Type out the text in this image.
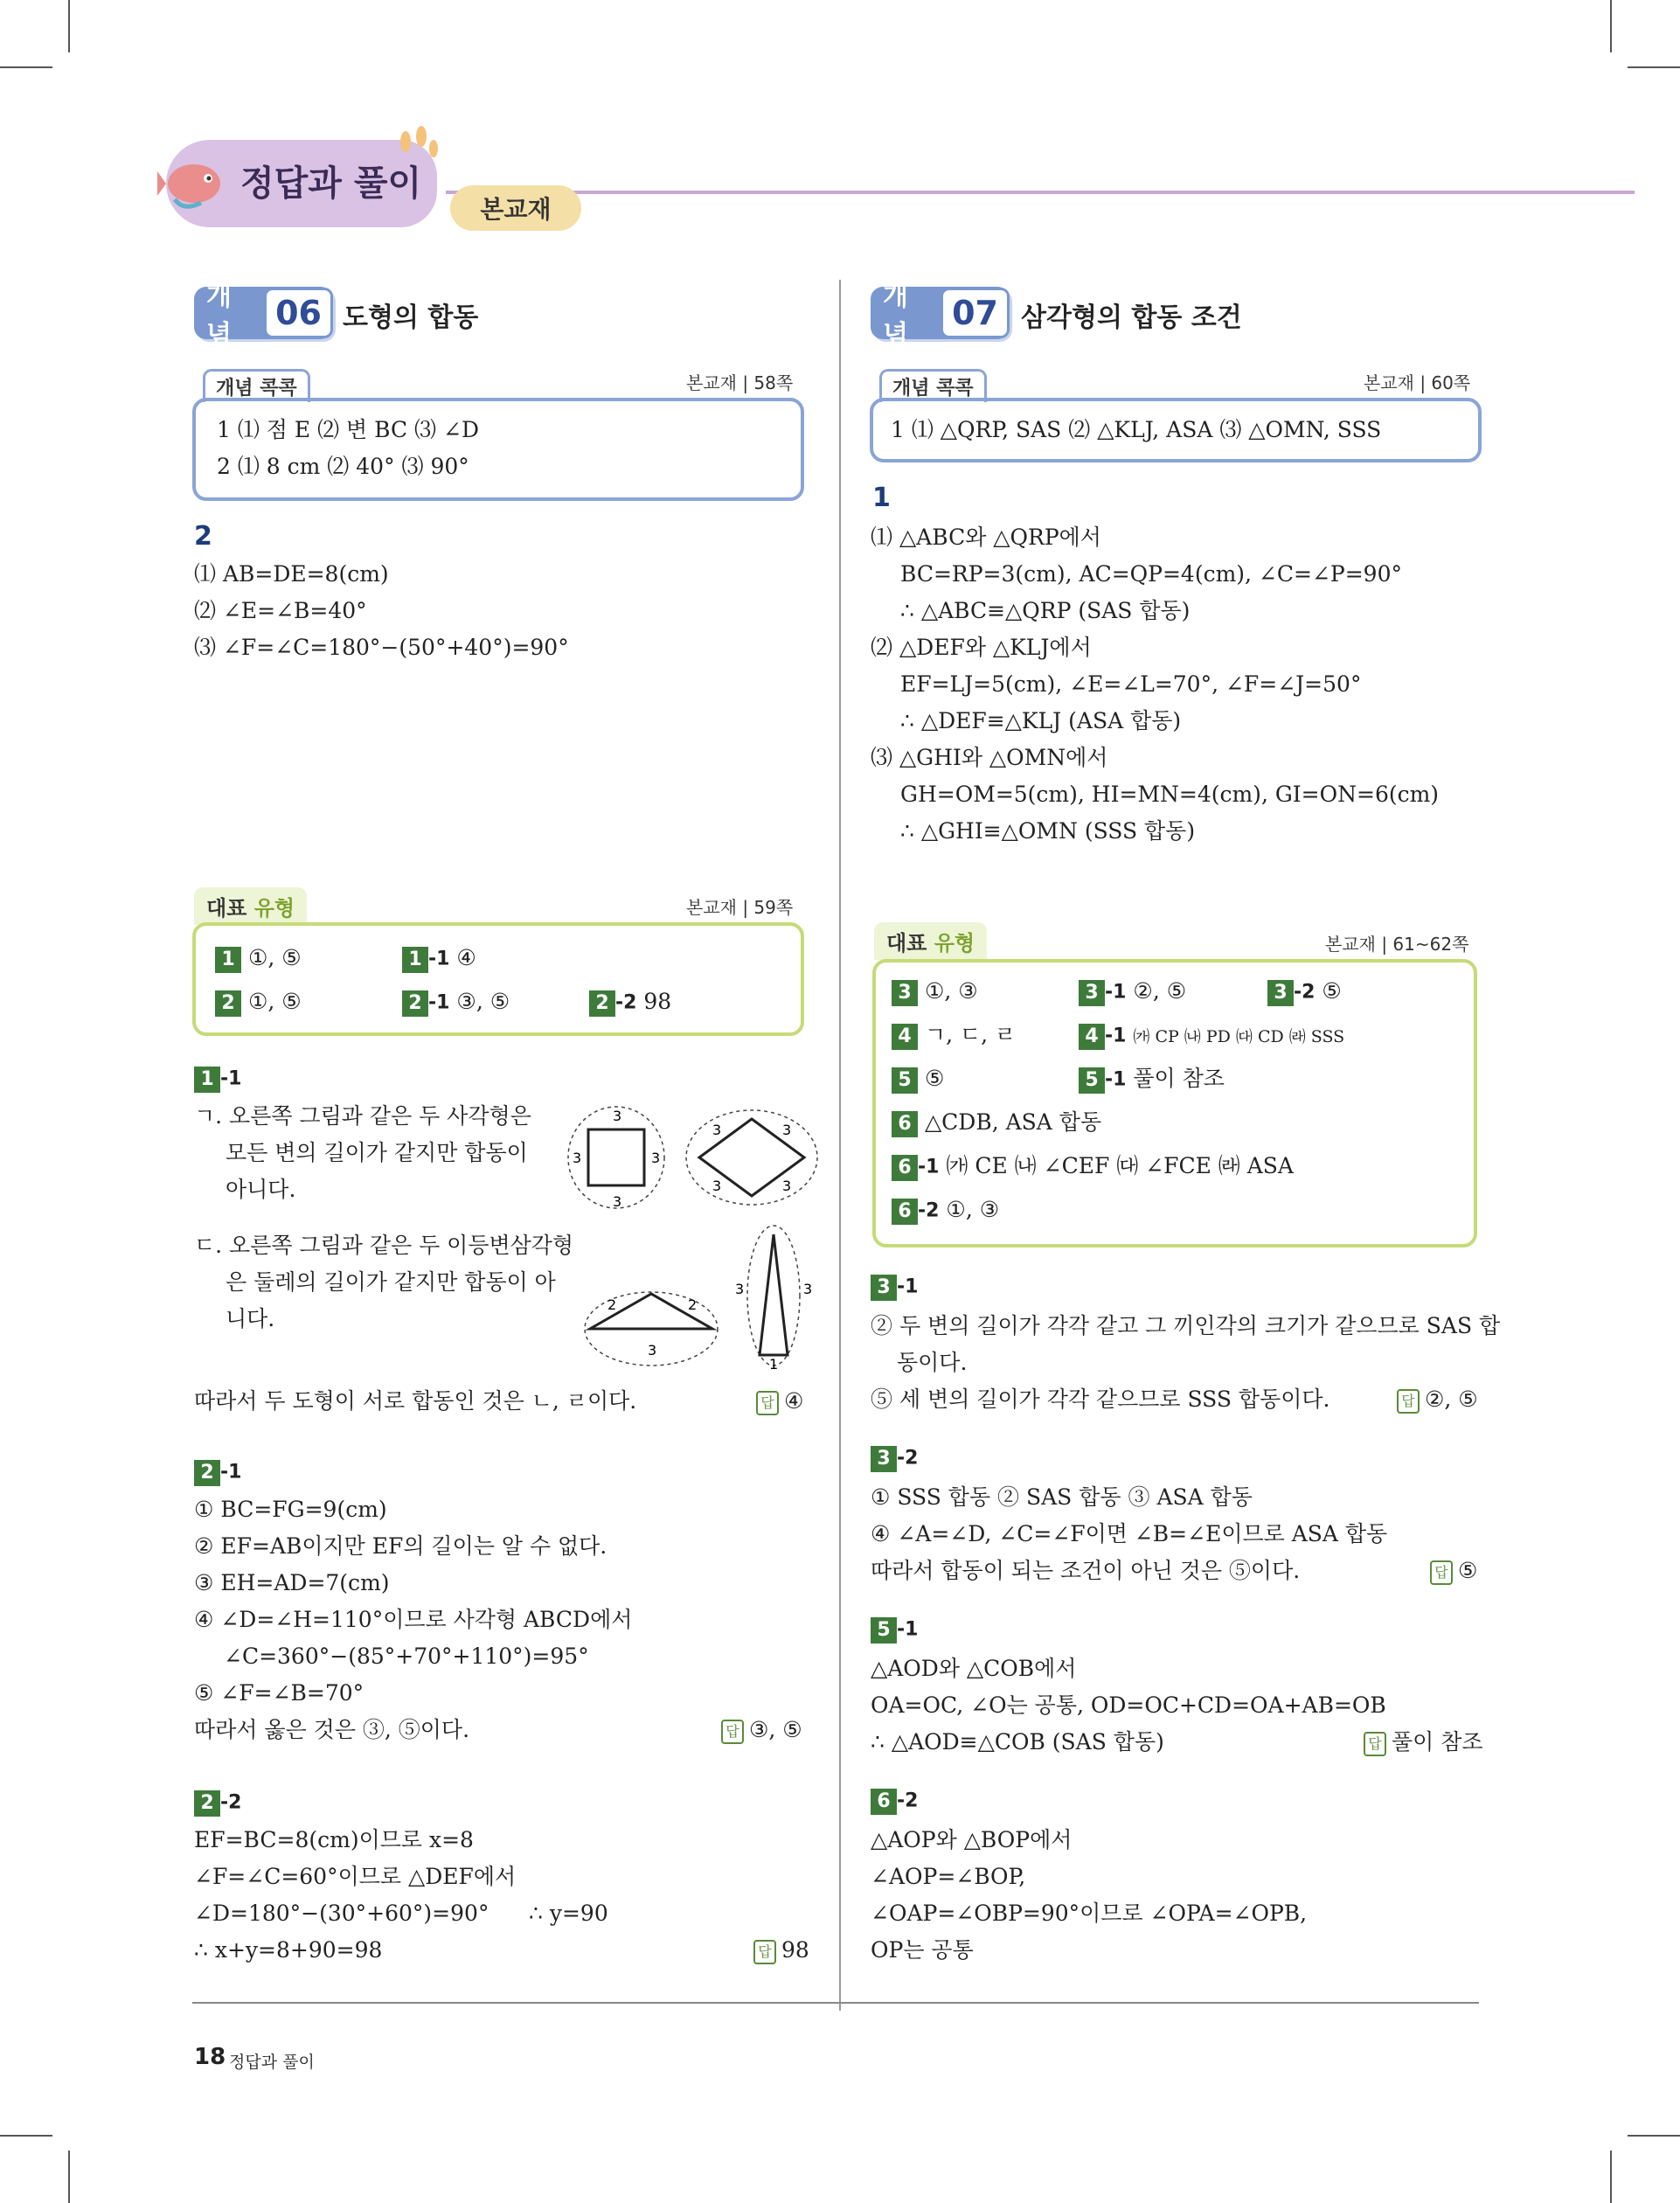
정답과 풀이
본교재
개념
06 도형의 합동
개념 콕콕	본교재 | 58쪽
1 ⑴ 점 E ⑵ 변 BC ⑶ ∠D
2 ⑴ 8 cm ⑵ 40° ⑶ 90°
2
⑴ AB=DE=8(cm)
⑵ ∠E=∠B=40°
⑶ ∠F=∠C=180°−(50°+40°)=90°
대표 유형	본교재 | 59쪽
1 ①, ⑤	1 -1 ④
2 ①, ⑤	2 -1 ③, ⑤	2 -2 98
1 -1
ㄱ. 오른쪽 그림과 같은 두 사각형은
모든 변의 길이가 같지만 합동이
아니다.
ㄷ. 오른쪽 그림과 같은 두 이등변삼각형
은 둘레의 길이가 같지만 합동이 아
니다.
따라서 두 도형이 서로 합동인 것은 ㄴ, ㄹ이다.	답 ④
3
3	3
3
3	3
3	3
2	2
3
3	3
1
2 -1
① BC=FG=9(cm)
② EF=AB이지만 EF의 길이는 알 수 없다.
③ EH=AD=7(cm)
④ ∠D=∠H=110°이므로 사각형 ABCD에서
∠C=360°−(85°+70°+110°)=95°
⑤ ∠F=∠B=70°
따라서 옳은 것은 ③, ⑤이다.	답 ③, ⑤
2 -2
EF=BC=8(cm)이므로 x=8
∠F=∠C=60°이므로 △DEF에서
∠D=180°−(30°+60°)=90° ∴ y=90
∴ x+y=8+90=98	답 98
개념
07 삼각형의 합동 조건
개념 콕콕	본교재 | 60쪽
1 ⑴ △QRP, SAS ⑵ △KLJ, ASA ⑶ △OMN, SSS
1
⑴ △ABC와 △QRP에서
BC=RP=3(cm), AC=QP=4(cm), ∠C=∠P=90°
∴ △ABC≡△QRP (SAS 합동)
⑵ △DEF와 △KLJ에서
EF=LJ=5(cm), ∠E=∠L=70°, ∠F=∠J=50°
∴ △DEF≡△KLJ (ASA 합동)
⑶ △GHI와 △OMN에서
GH=OM=5(cm), HI=MN=4(cm), GI=ON=6(cm)
∴ △GHI≡△OMN (SSS 합동)
대표 유형	본교재 | 61~62쪽
3 ①, ③	3 -1 ②, ⑤	3 -2 ⑤
4 ㄱ, ㄷ, ㄹ	4 -1 ㈎ CP ㈏ PD ㈐ CD ㈑ SSS
5 ⑤	5 -1 풀이 참조
6 △CDB, ASA 합동
6 -1 ㈎ CE ㈏ ∠CEF ㈐ ∠FCE ㈑ ASA
6 -2 ①, ③
3 -1
② 두 변의 길이가 각각 같고 그 끼인각의 크기가 같으므로 SAS 합
동이다.
⑤ 세 변의 길이가 각각 같으므로 SSS 합동이다.	답 ②, ⑤
3 -2
① SSS 합동 ② SAS 합동 ③ ASA 합동
④ ∠A=∠D, ∠C=∠F이면 ∠B=∠E이므로 ASA 합동
따라서 합동이 되는 조건이 아닌 것은 ⑤이다.	답 ⑤
5 -1
△AOD와 △COB에서
OA=OC, ∠O는 공통, OD=OC+CD=OA+AB=OB
∴ △AOD≡△COB (SAS 합동)	답 풀이 참조
6 -2
△AOP와 △BOP에서
∠AOP=∠BOP,
∠OAP=∠OBP=90°이므로 ∠OPA=∠OPB,
OP는 공통
18 정답과 풀이
